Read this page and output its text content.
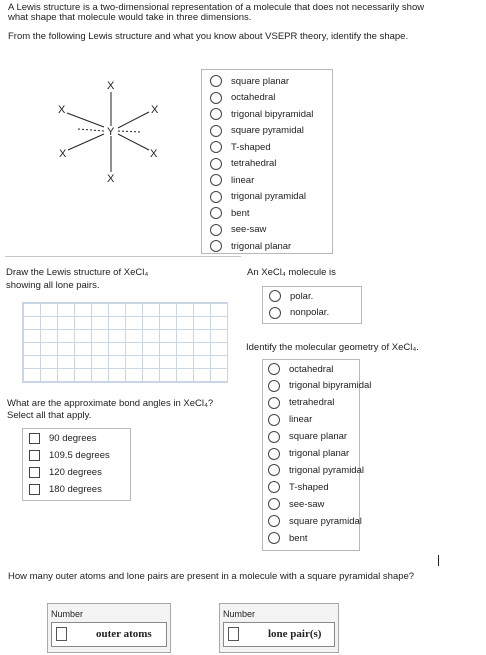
A Lewis structure is a two-dimensional representation of a molecule that does not necessarily show
what shape that molecule would take in three dimensions.
From the following Lewis structure and what you know about VSEPR theory, identify the shape.
X
X	X
Y
X	X
X
square planar
octahedral
trigonal bipyramidal
square pyramidal
T-shaped
tetrahedral
linear
trigonal pyramidal
bent
see-saw
trigonal planar
Draw the Lewis structure of XeCl₄
showing all lone pairs.
An XeCl₄ molecule is
polar.
nonpolar.
Identify the molecular geometry of XeCl₄.
octahedral
trigonal bipyramidal
tetrahedral
linear
square planar
trigonal planar
trigonal pyramidal
T-shaped
see-saw
square pyramidal
bent
What are the approximate bond angles in XeCl₄?
Select all that apply.
90 degrees
109.5 degrees
120 degrees
180 degrees
How many outer atoms and lone pairs are present in a molecule with a square pyramidal shape?
Number
outer atoms
Number
lone pair(s)
